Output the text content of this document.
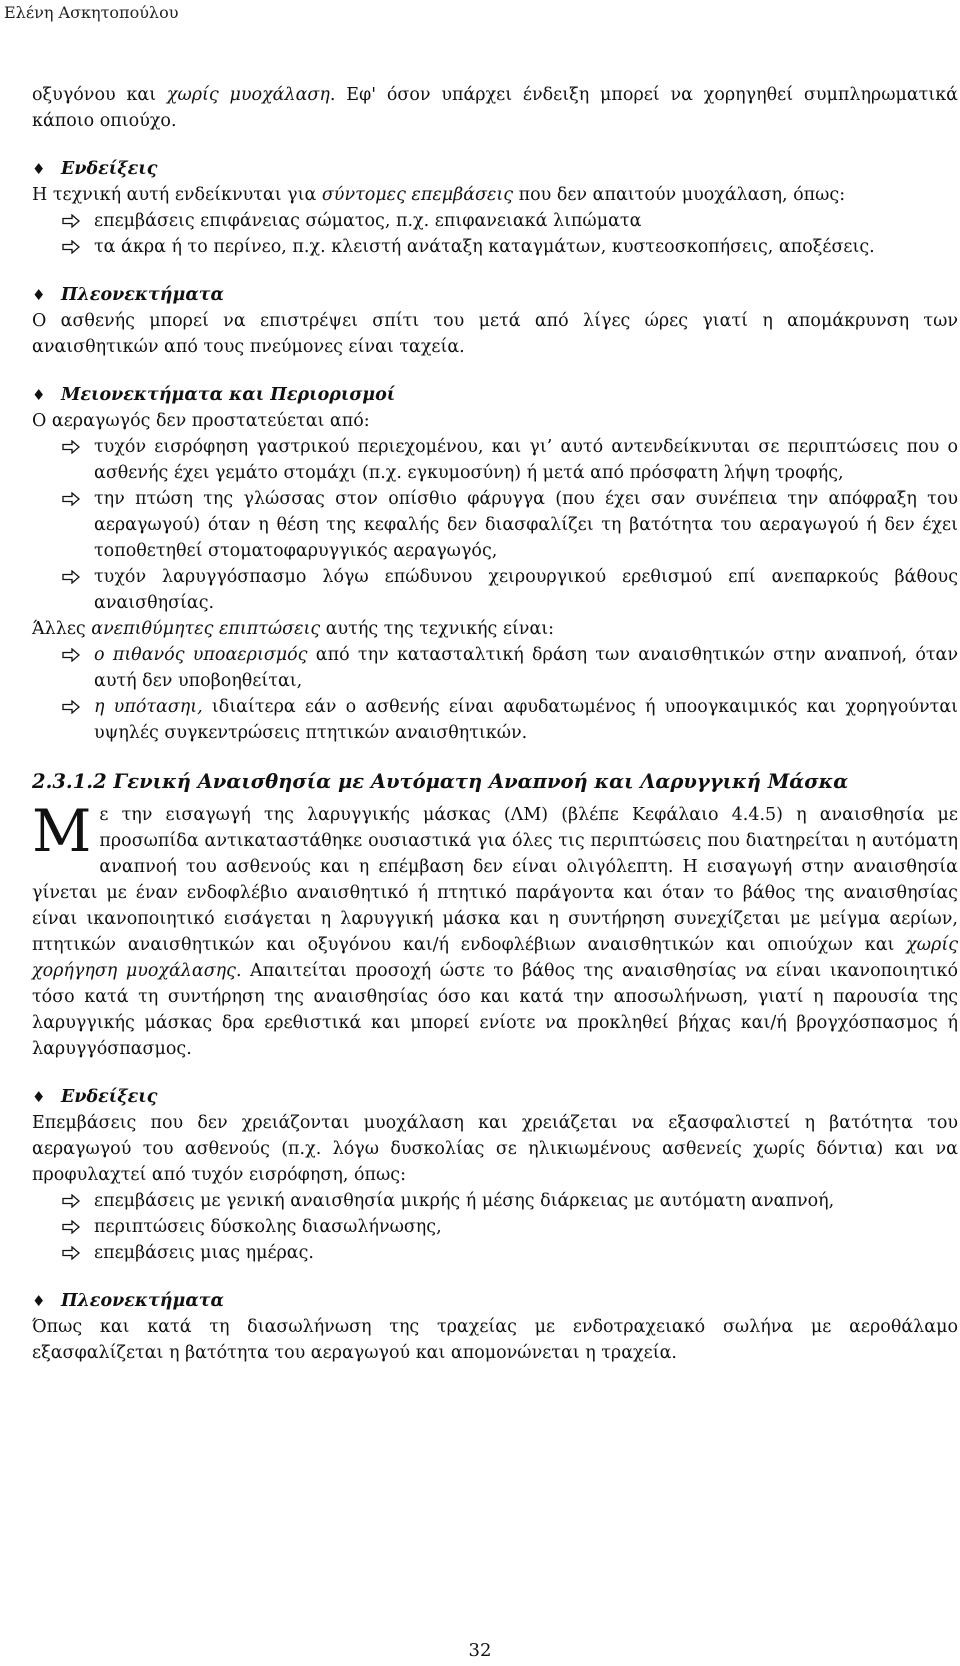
Ελένη Ασκητοπούλου

οξυγόνου και χωρίς μυοχάλαση. Εφ' όσον υπάρχει ένδειξη μπορεί να χορηγηθεί συμπληρωματικά κάποιο οπιούχο.

♦ Ενδείξεις

Η τεχνική αυτή ενδείκνυται για σύντομες επεμβάσεις που δεν απαιτούν μυοχάλαση, όπως:

επεμβάσεις επιφάνειας σώματος, π.χ. επιφανειακά λιπώματα
τα άκρα ή το περίνεο, π.χ. κλειστή ανάταξη καταγμάτων, κυστεοσκοπήσεις, αποξέσεις.
♦ Πλεονεκτήματα

Ο ασθενής μπορεί να επιστρέψει σπίτι του μετά από λίγες ώρες γιατί η απομάκρυνση των αναισθητικών από τους πνεύμονες είναι ταχεία.

♦ Μειονεκτήματα και Περιορισμοί

Ο αεραγωγός δεν προστατεύεται από:

τυχόν εισρόφηση γαστρικού περιεχομένου, και γι’ αυτό αντενδείκνυται σε περιπτώσεις που ο ασθενής έχει γεμάτο στομάχι (π.χ. εγκυμοσύνη) ή μετά από πρόσφατη λήψη τροφής,
την πτώση της γλώσσας στον οπίσθιο φάρυγγα (που έχει σαν συνέπεια την απόφραξη του αεραγωγού) όταν η θέση της κεφαλής δεν διασφαλίζει τη βατότητα του αεραγωγού ή δεν έχει τοποθετηθεί στοματοφαρυγγικός αεραγωγός,
τυχόν λαρυγγόσπασμο λόγω επώδυνου χειρουργικού ερεθισμού επί ανεπαρκούς βάθους αναισθησίας.

Άλλες ανεπιθύμητες επιπτώσεις αυτής της τεχνικής είναι:

ο πιθανός υποαερισμός από την κατασταλτική δράση των αναισθητικών στην αναπνοή, όταν αυτή δεν υποβοηθείται,
η υπότασηι, ιδιαίτερα εάν ο ασθενής είναι αφυδατωμένος ή υποογκαιμικός και χορηγούνται υψηλές συγκεντρώσεις πτητικών αναισθητικών.
2.3.1.2 Γενική Αναισθησία με Αυτόματη Αναπνοή και Λαρυγγική Μάσκα

Με την εισαγωγή της λαρυγγικής μάσκας (ΛΜ) (βλέπε Κεφάλαιο 4.4.5) η αναισθησία με προσωπίδα αντικαταστάθηκε ουσιαστικά για όλες τις περιπτώσεις που διατηρείται η αυτόματη αναπνοή του ασθενούς και η επέμβαση δεν είναι ολιγόλεπτη. Η εισαγωγή στην αναισθησία γίνεται με έναν ενδοφλέβιο αναισθητικό ή πτητικό παράγοντα και όταν το βάθος της αναισθησίας είναι ικανοποιητικό εισάγεται η λαρυγγική μάσκα και η συντήρηση συνεχίζεται με μείγμα αερίων, πτητικών αναισθητικών και οξυγόνου και/ή ενδοφλέβιων αναισθητικών και οπιούχων και χωρίς χορήγηση μυοχάλασης. Απαιτείται προσοχή ώστε το βάθος της αναισθησίας να είναι ικανοποιητικό τόσο κατά τη συντήρηση της αναισθησίας όσο και κατά την αποσωλήνωση, γιατί η παρουσία της λαρυγγικής μάσκας δρα ερεθιστικά και μπορεί ενίοτε να προκληθεί βήχας και/ή βρογχόσπασμος ή λαρυγγόσπασμος.

♦ Ενδείξεις

Επεμβάσεις που δεν χρειάζονται μυοχάλαση και χρειάζεται να εξασφαλιστεί η βατότητα του αεραγωγού του ασθενούς (π.χ. λόγω δυσκολίας σε ηλικιωμένους ασθενείς χωρίς δόντια) και να προφυλαχτεί από τυχόν εισρόφηση, όπως:

επεμβάσεις με γενική αναισθησία μικρής ή μέσης διάρκειας με αυτόματη αναπνοή,
περιπτώσεις δύσκολης διασωλήνωσης,
επεμβάσεις μιας ημέρας.
♦ Πλεονεκτήματα

Όπως και κατά τη διασωλήνωση της τραχείας με ενδοτραχειακό σωλήνα με αεροθάλαμο εξασφαλίζεται η βατότητα του αεραγωγού και απομονώνεται η τραχεία.

32
